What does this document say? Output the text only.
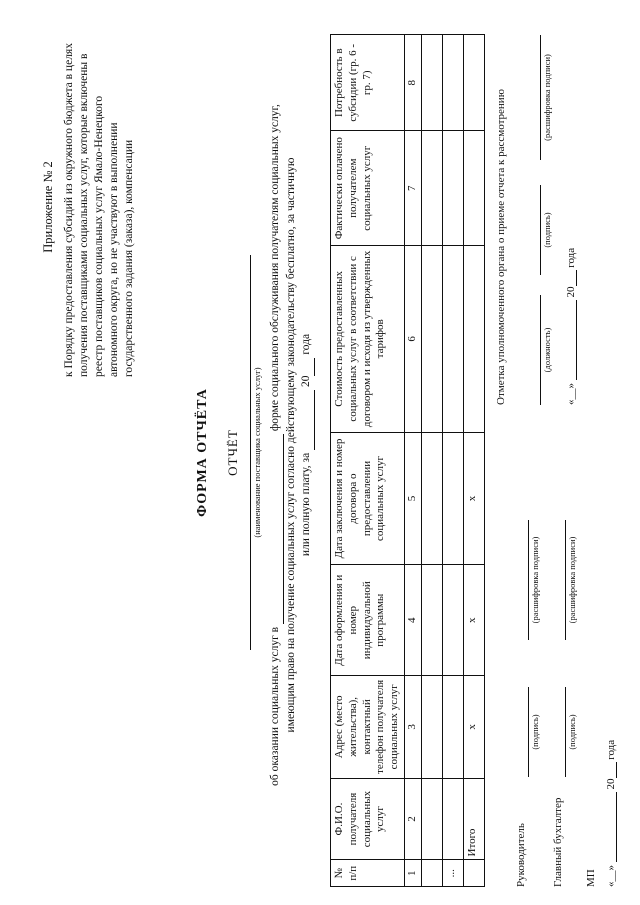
Приложение № 2 к Порядку предоставления субсидий из окружного бюджета в целях получения поставщиками социальных услуг, которые включены в реестр поставщиков социальных услуг Ямало-Ненецкого автономного округа, но не участвуют в выполнении государственного задания (заказа), компенсации
ФОРМА ОТЧЁТА ОТЧЁТ (наименование поставщика социальных услуг)
об оказании социальных услуг в  форме социального обслуживания получателям социальных услуг, имеющим право на получение социальных услуг согласно действующему законодательству бесплатно, за частичную или полную плату, за  20 года
№ п/п	Ф.И.О. получателя социальных услуг	Адрес (место жительства), контактный телефон получателя социальных услуг	Дата оформления и номер индивидуальной программы	Дата заключения и номер договора о предоставлении социальных услуг	Стоимость предоставленных социальных услуг в соответствии с договором и исходя из утвержденных тарифов	Фактически оплачено получателем социальных услуг	Потребность в субсидии (гр. 6 - гр. 7)
1	2	3	4	5	6	7	8

...							
	Итого	x	x	x			
Руководитель
(подпись)
(расшифровка подписи)
Главный бухгалтер
(подпись)
(расшифровка подписи)
МП «__»  20 года
Отметка уполномоченного органа о приеме отчета к рассмотрению	(должность)
(подпись)
(расшифровка подписи)
«__»  20 года
